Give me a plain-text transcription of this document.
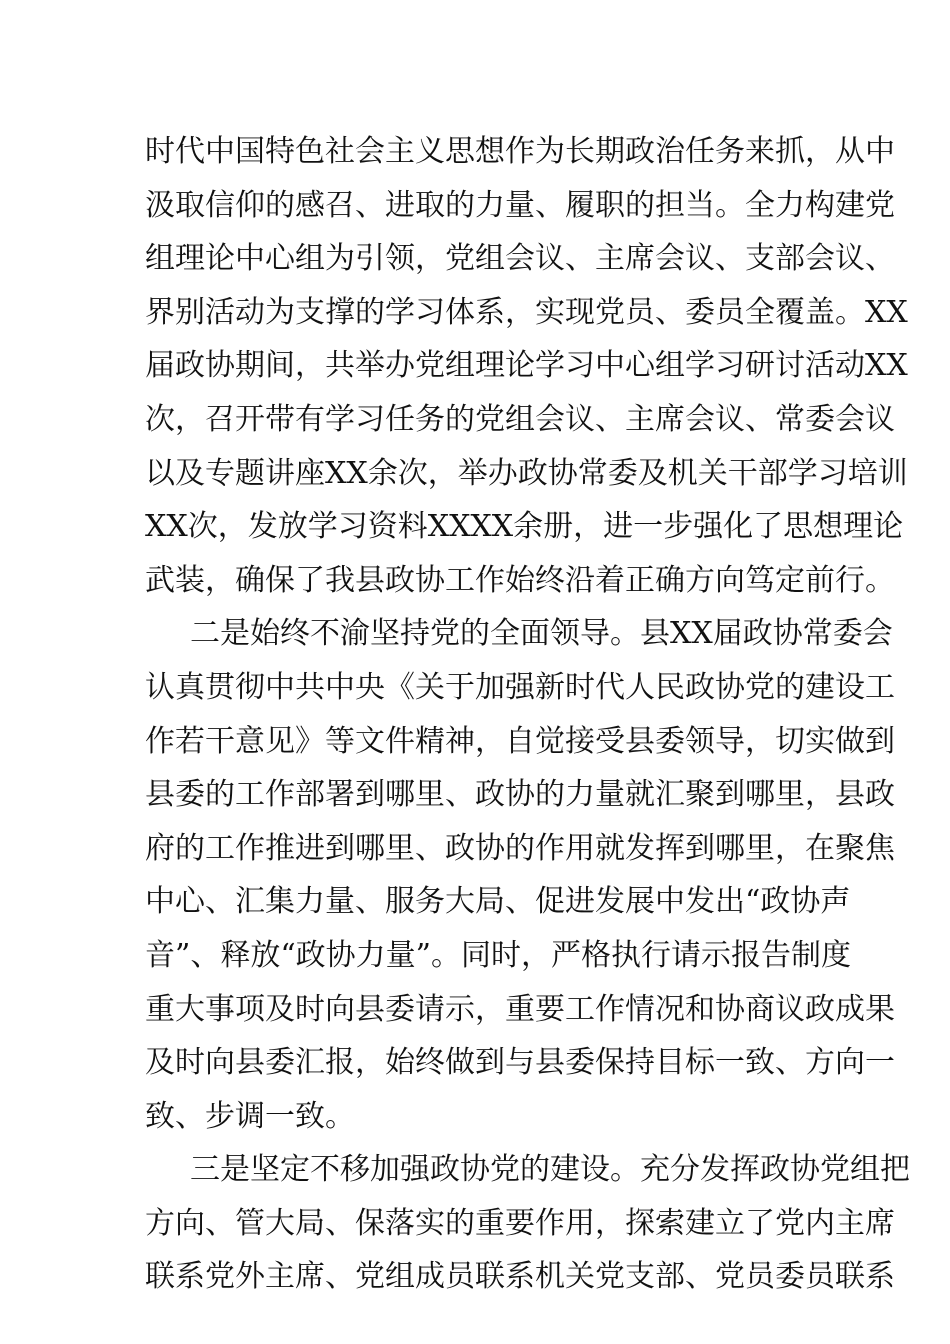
时代中国特色社会主义思想作为长期政治任务来抓，从中
汲取信仰的感召、进取的力量、履职的担当。全力构建党
组理论中心组为引领，党组会议、主席会议、支部会议、
界别活动为支撑的学习体系，实现党员、委员全覆盖。XX
届政协期间，共举办党组理论学习中心组学习研讨活动XX
次，召开带有学习任务的党组会议、主席会议、常委会议
以及专题讲座XX余次，举办政协常委及机关干部学习培训
XX次，发放学习资料XXXX余册，进一步强化了思想理论
武装，确保了我县政协工作始终沿着正确方向笃定前行。
二是始终不渝坚持党的全面领导。县XX届政协常委会
认真贯彻中共中央《关于加强新时代人民政协党的建设工
作若干意见》等文件精神，自觉接受县委领导，切实做到
县委的工作部署到哪里、政协的力量就汇聚到哪里，县政
府的工作推进到哪里、政协的作用就发挥到哪里，在聚焦
中心、汇集力量、服务大局、促进发展中发出“政协声
音”、释放“政协力量”。同时，严格执行请示报告制度
重大事项及时向县委请示，重要工作情况和协商议政成果
及时向县委汇报，始终做到与县委保持目标一致、方向一
致、步调一致。
三是坚定不移加强政协党的建设。充分发挥政协党组把
方向、管大局、保落实的重要作用，探索建立了党内主席
联系党外主席、党组成员联系机关党支部、党员委员联系
